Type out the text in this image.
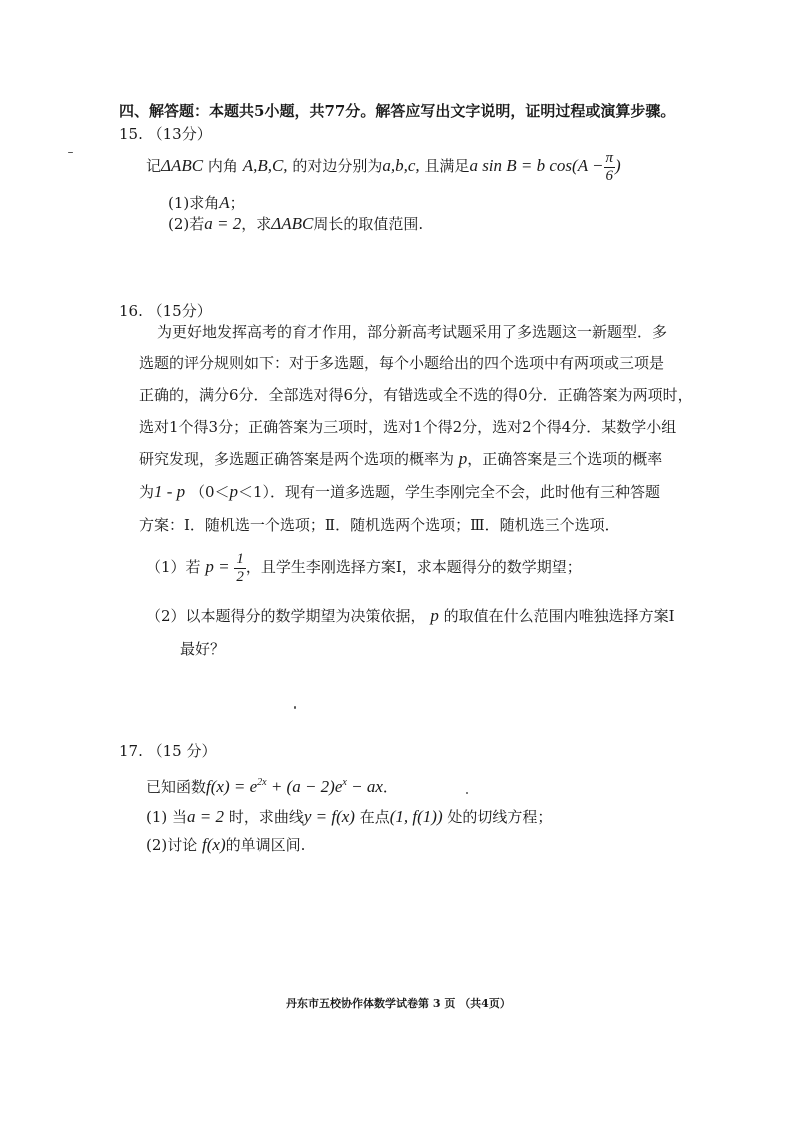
四、解答题：本题共5小题，共77分。解答应写出文字说明，证明过程或演算步骤。
15. （13分）
记ΔABC 内角 A,B,C, 的对边分别为a,b,c, 且满足a sin B = b $\cos(A - \frac{\pi}{6}$ )
(1)求角A；
(2)若a = 2，求ΔABC周长的取值范围.
16. （15分）
为更好地发挥高考的育才作用，部分新高考试题采用了多选题这一新题型．多
选题的评分规则如下：对于多选题，每个小题给出的四个选项中有两项或三项是
正确的，满分6分．全部选对得6分，有错选或全不选的得0分．正确答案为两项时，
选对1个得3分；正确答案为三项时，选对1个得2分，选对2个得4分．某数学小组
研究发现，多选题正确答案是两个选项的概率为 p，正确答案是三个选项的概率
为1 - p （0＜p＜1）．现有一道多选题，学生李刚完全不会，此时他有三种答题
方案：Ⅰ．随机选一个选项；Ⅱ．随机选两个选项；Ⅲ．随机选三个选项．
（1）若 $p = \frac{1}{2}$ ，且学生李刚选择方案Ⅰ，求本题得分的数学期望；
（2）以本题得分的数学期望为决策依据， p 的取值在什么范围内唯独选择方案Ⅰ
最好？
17. （15 分）
已知函数$f(x) = e^{2x} + (a - 2)e^x$ − ax．
(1) 当a = 2 时，求曲线y = f(x) 在点(1, f(1)) 处的切线方程；
(2)讨论 f(x)的单调区间.
丹东市五校协作体数学试卷第 3 页 （共4页）
